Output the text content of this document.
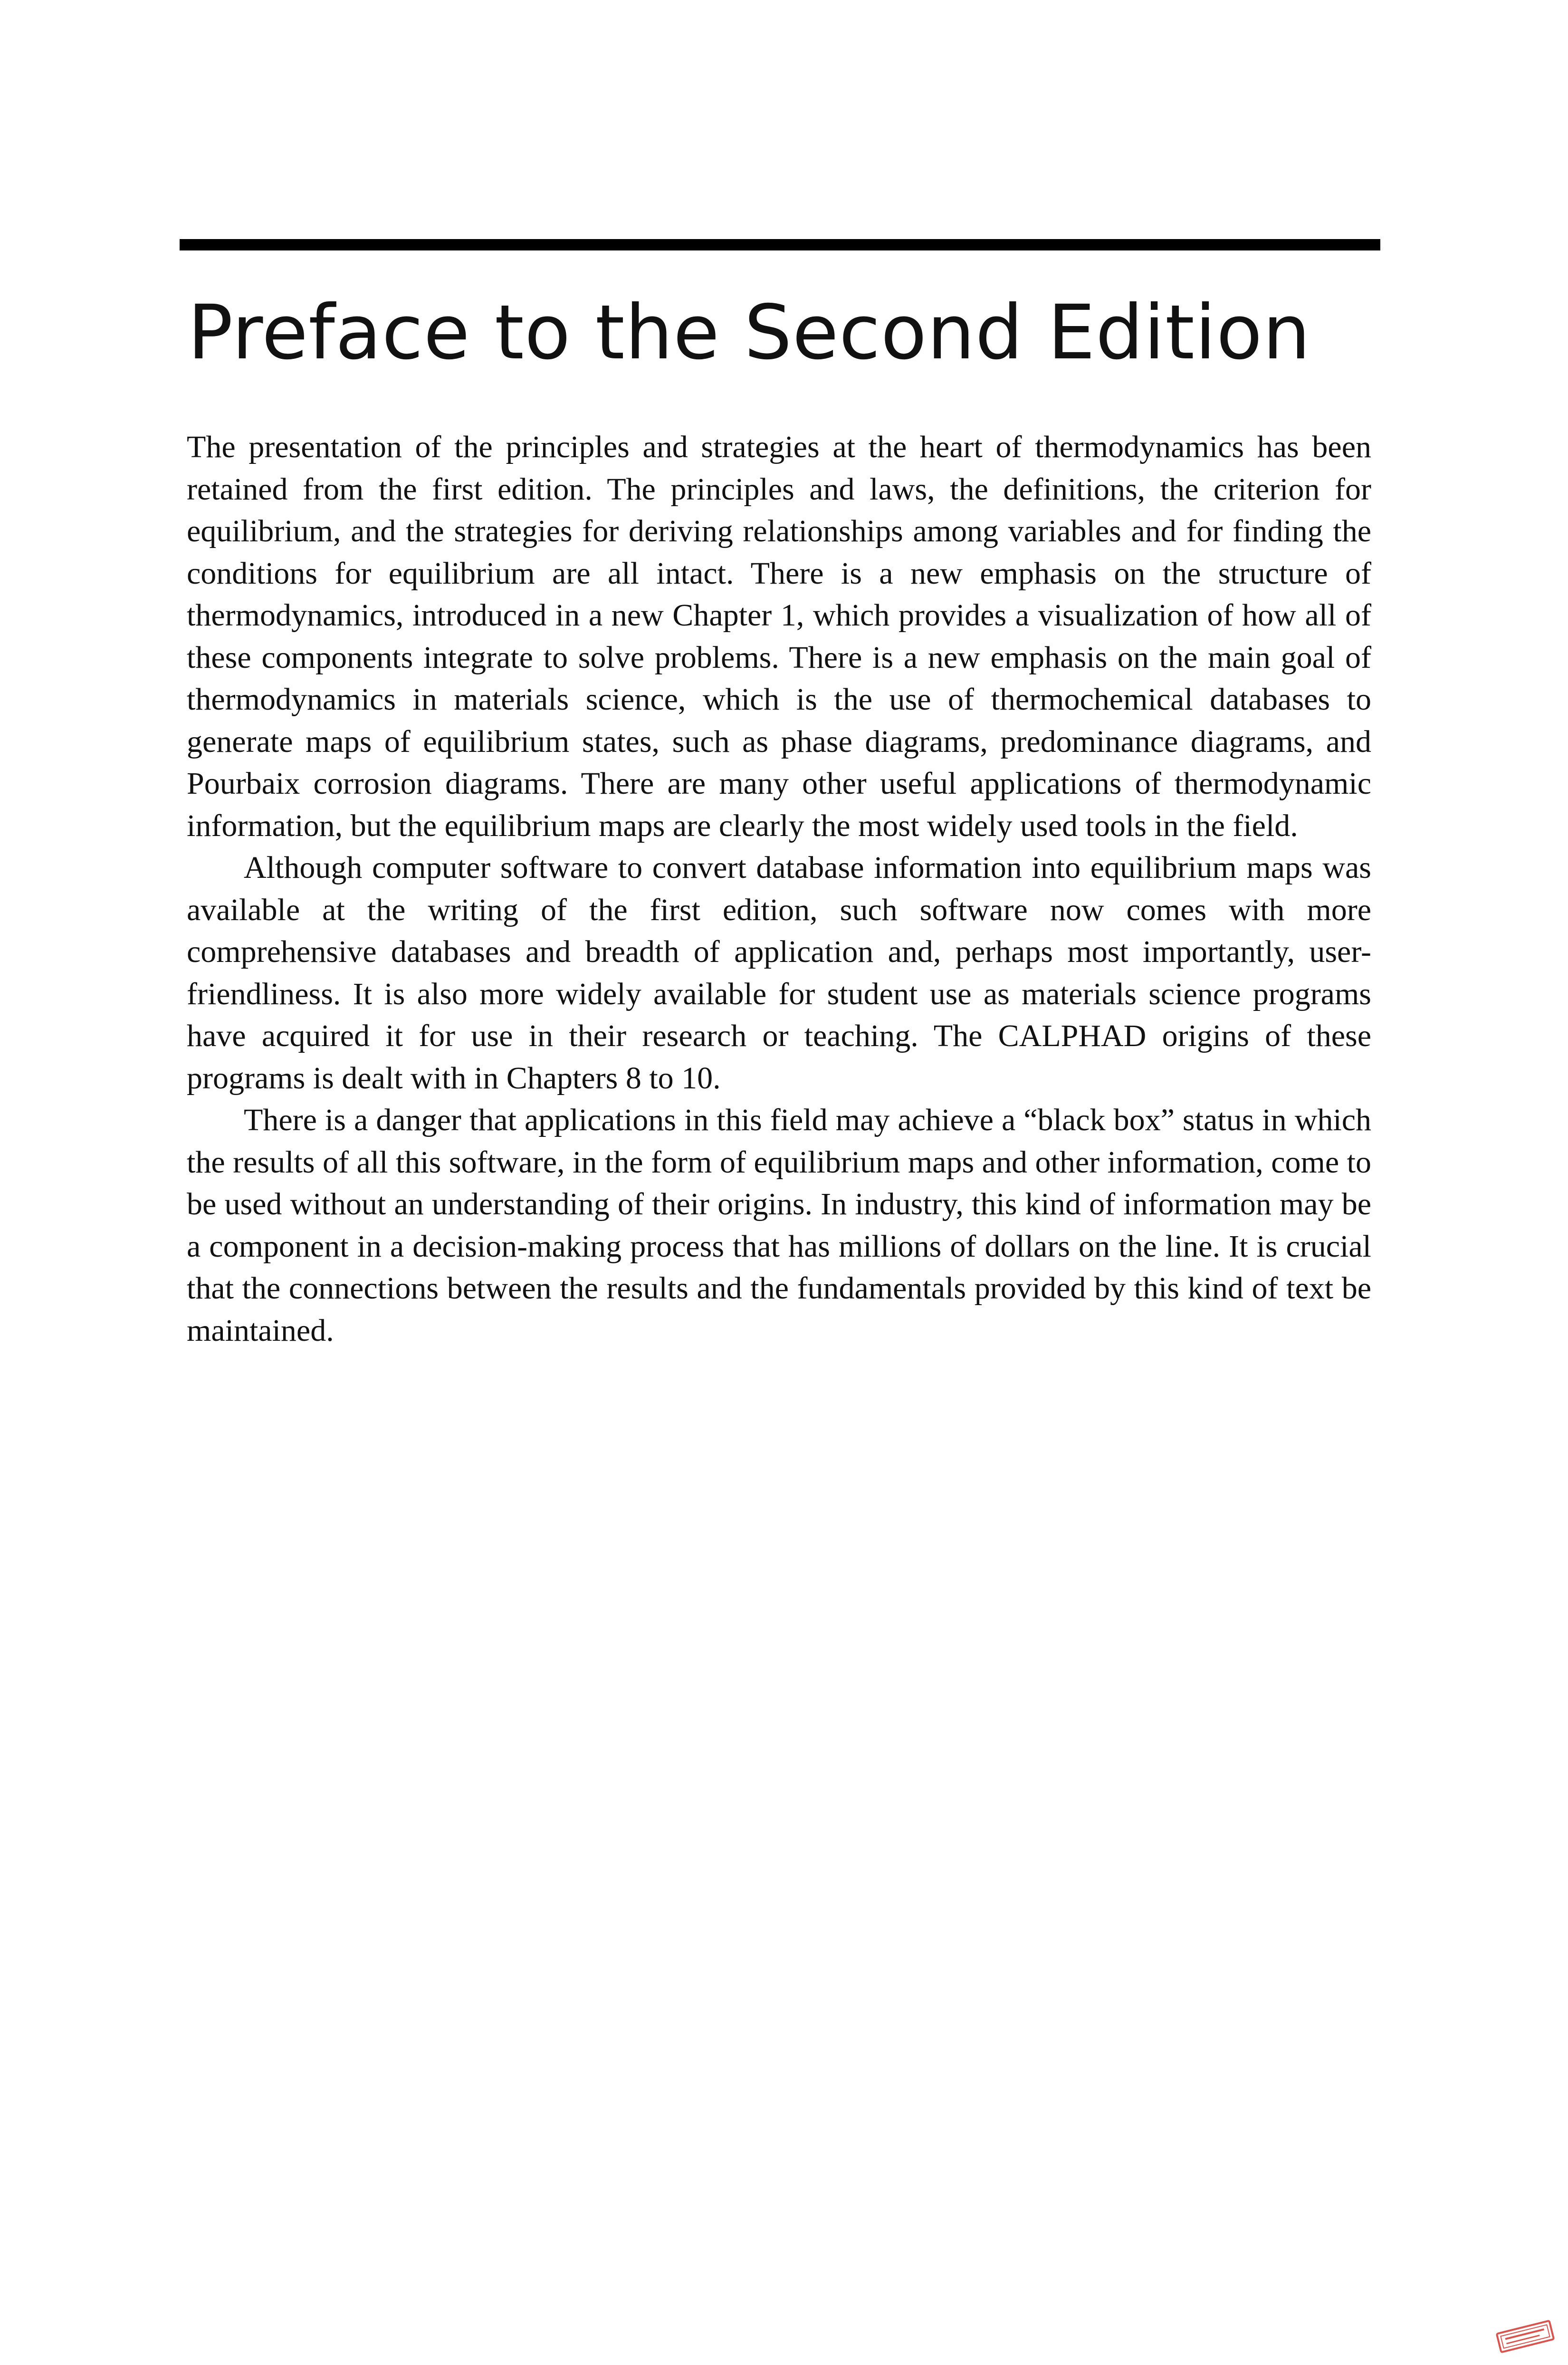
Preface to the Second Edition

The presentation of the principles and strategies at the heart of thermodynamics has been retained from the first edition. The principles and laws, the definitions, the criterion for equilibrium, and the strategies for deriving relationships among variables and for finding the conditions for equilibrium are all intact. There is a new emphasis on the structure of thermodynamics, introduced in a new Chapter 1, which provides a visualization of how all of these components integrate to solve problems. There is a new emphasis on the main goal of thermodynamics in materials science, which is the use of thermochemical databases to generate maps of equilibrium states, such as phase diagrams, predominance diagrams, and Pourbaix corrosion diagrams. There are many other useful applications of thermodynamic information, but the equilibrium maps are clearly the most widely used tools in the field.

Although computer software to convert database information into equilibrium maps was available at the writing of the first edition, such software now comes with more comprehensive databases and breadth of application and, perhaps most importantly, user-friendliness. It is also more widely available for student use as materials science programs have acquired it for use in their research or teaching. The CALPHAD origins of these programs is dealt with in Chapters 8 to 10.

There is a danger that applications in this field may achieve a “black box” status in which the results of all this software, in the form of equilibrium maps and other information, come to be used without an understanding of their origins. In industry, this kind of information may be a component in a decision-making process that has millions of dollars on the line. It is crucial that the connections between the results and the fundamentals provided by this kind of text be maintained.
